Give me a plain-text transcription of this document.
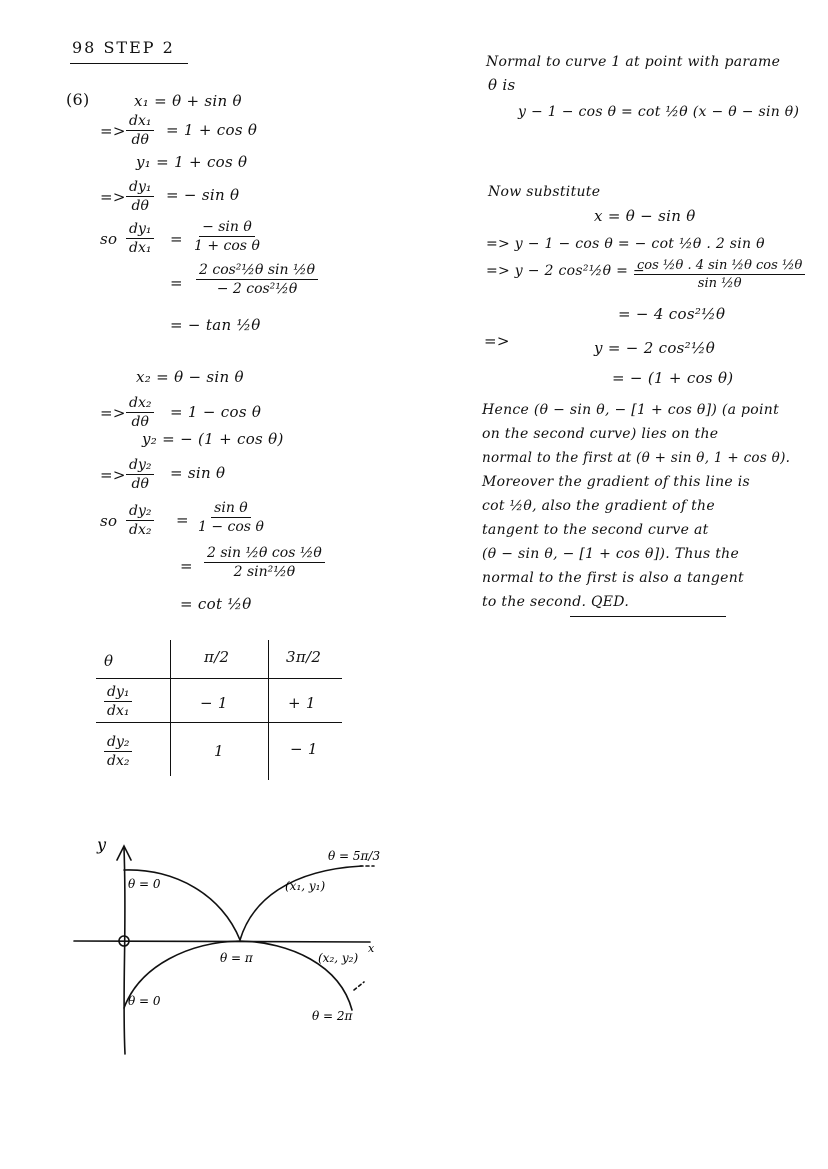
98 STEP 2
(6)	x₁ = θ + sin θ
=> $\frac{\text{dx₁}}{d\theta} = 1 + \cos \theta$
y₁ = 1 + cos θ
=> $\frac{\text{dy₁}}{d\theta}$ = − sin θ
so $\frac{\text{dy₁}}{\text{dx₁}} = \frac{\text{− sin θ}}{\text{1 + cos θ}}$
= $\frac{\text{2 cos²½θ sin ½θ}}{\text{− 2 cos²½θ}}$
= − tan ½θ
x₂ = θ − sin θ
=> $\frac{\text{dx₂}}{d\theta} = 1 - \cos \theta$
y₂ = − (1 + cos θ)
=> $\frac{\text{dy₂}}{d\theta} = \sin \theta$
so $\frac{\text{dy₂}}{\text{dx₂}} = \frac{\text{sin θ}}{\text{1 − cos θ}}$
= $\frac{\text{2 sin ½θ cos ½θ}}{\text{2 sin²½θ}}$
= cot ½θ
θ	π/2	3π/2
$\frac{\text{dy₁}}{\text{dx₁}}$	− 1	+ 1
$\frac{\text{dy₂}}{\text{dx₂}}$	1	− 1
y
x
θ = 0
θ = 0
θ = π
θ = 2π
θ = 5π/3
(x₁, y₁)
(x₂, y₂)
Normal to curve 1 at point with parame
θ is
y − 1 − cos θ = cot ½θ (x − θ − sin θ)
Now substitute
x = θ − sin θ
=> y − 1 − cos θ = − cot ½θ . 2 sin θ
=> y − 2 cos²½θ = −
$\frac{\text{cos ½θ . 4 sin ½θ cos ½θ}}{\text{sin ½θ}}$
= − 4 cos²½θ
=>	y = − 2 cos²½θ
= − (1 + cos θ)
Hence (θ − sin θ, − [1 + cos θ]) (a point
on the second curve) lies on the
normal to the first at (θ + sin θ, 1 + cos θ).
Moreover the gradient of this line is
cot ½θ, also the gradient of the
tangent to the second curve at
(θ − sin θ, − [1 + cos θ]). Thus the
normal to the first is also a tangent
to the second. QED.
